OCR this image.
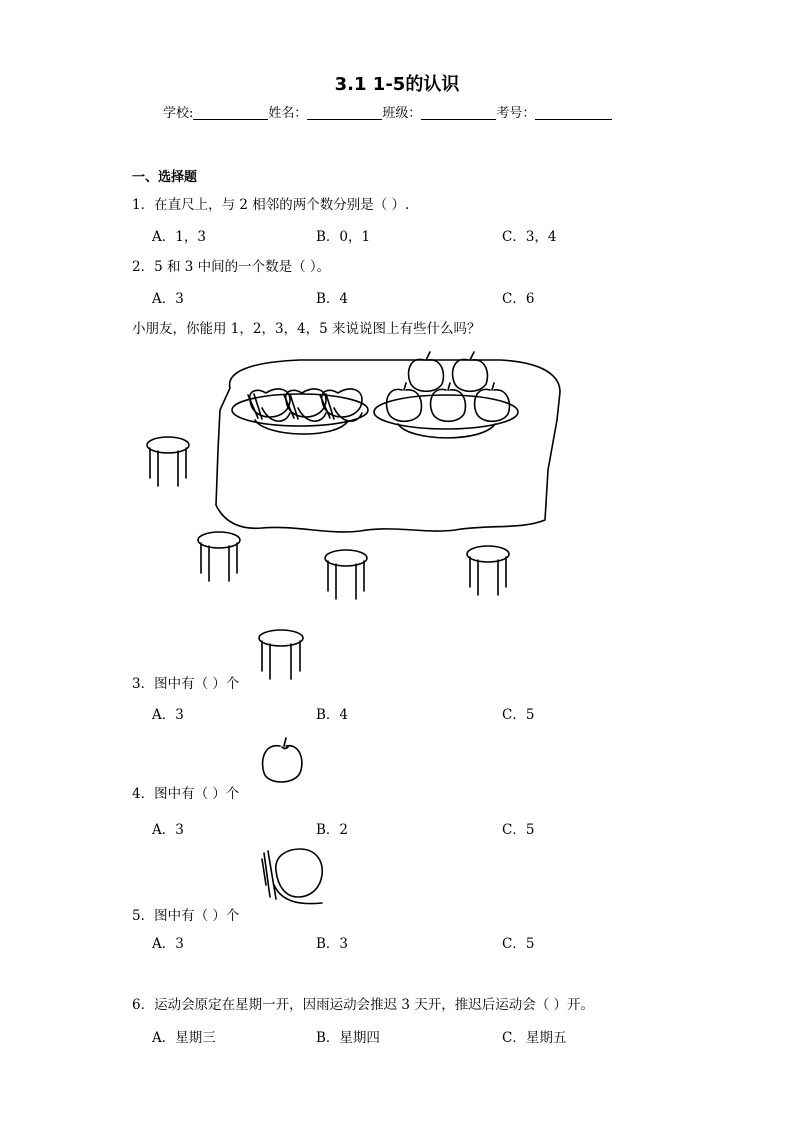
3.1 1-5的认识
学校:	姓名：	班级：	考号：
一、选择题
1．在直尺上，与 2 相邻的两个数分别是（ ）.
A．1，3	B．0，1	C．3，4
2．5 和 3 中间的一个数是（ ）。
A．3	B．4	C．6
小朋友，你能用 1，2，3，4，5 来说说图上有些什么吗？
3．图中有（ ）个
A．3	B．4	C．5
4．图中有（ ）个
A．3	B．2	C．5
5．图中有（ ）个
A．3	B．3	C．5
6．运动会原定在星期一开，因雨运动会推迟 3 天开，推迟后运动会（ ）开。
A．星期三	B．星期四	C．星期五
